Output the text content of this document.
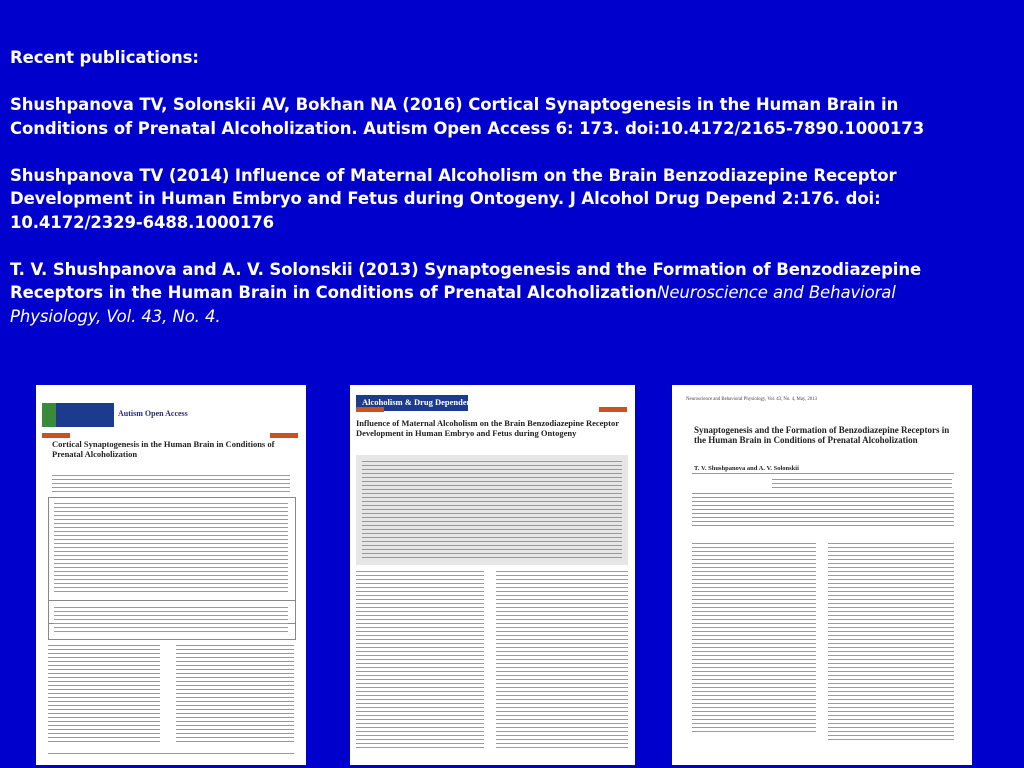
Recent publications:
Shushpanova TV, Solonskii AV, Bokhan NA (2016) Cortical Synaptogenesis in the Human Brain in
Conditions of Prenatal Alcoholization. Autism Open Access 6: 173. doi:10.4172/2165-7890.1000173
Shushpanova TV (2014) Influence of Maternal Alcoholism on the Brain Benzodiazepine Receptor
Development in Human Embryo and Fetus during Ontogeny. J Alcohol Drug Depend 2:176. doi:
10.4172/2329-6488.1000176
T. V. Shushpanova and A. V. Solonskii (2013) Synaptogenesis and the Formation of Benzodiazepine
Receptors in the Human Brain in Conditions of Prenatal AlcoholizationNeuroscience and Behavioral
Physiology, Vol. 43, No. 4.
Autism Open Access
Cortical Synaptogenesis in the Human Brain in Conditions of Prenatal Alcoholization
Alcoholism & Drug Dependence
Influence of Maternal Alcoholism on the Brain Benzodiazepine Receptor Development in Human Embryo and Fetus during Ontogeny
Neuroscience and Behavioral Physiology, Vol. 43, No. 4, May, 2013
Synaptogenesis and the Formation of Benzodiazepine Receptors in the Human Brain in Conditions of Prenatal Alcoholization
T. V. Shushpanova and A. V. Solonskii
